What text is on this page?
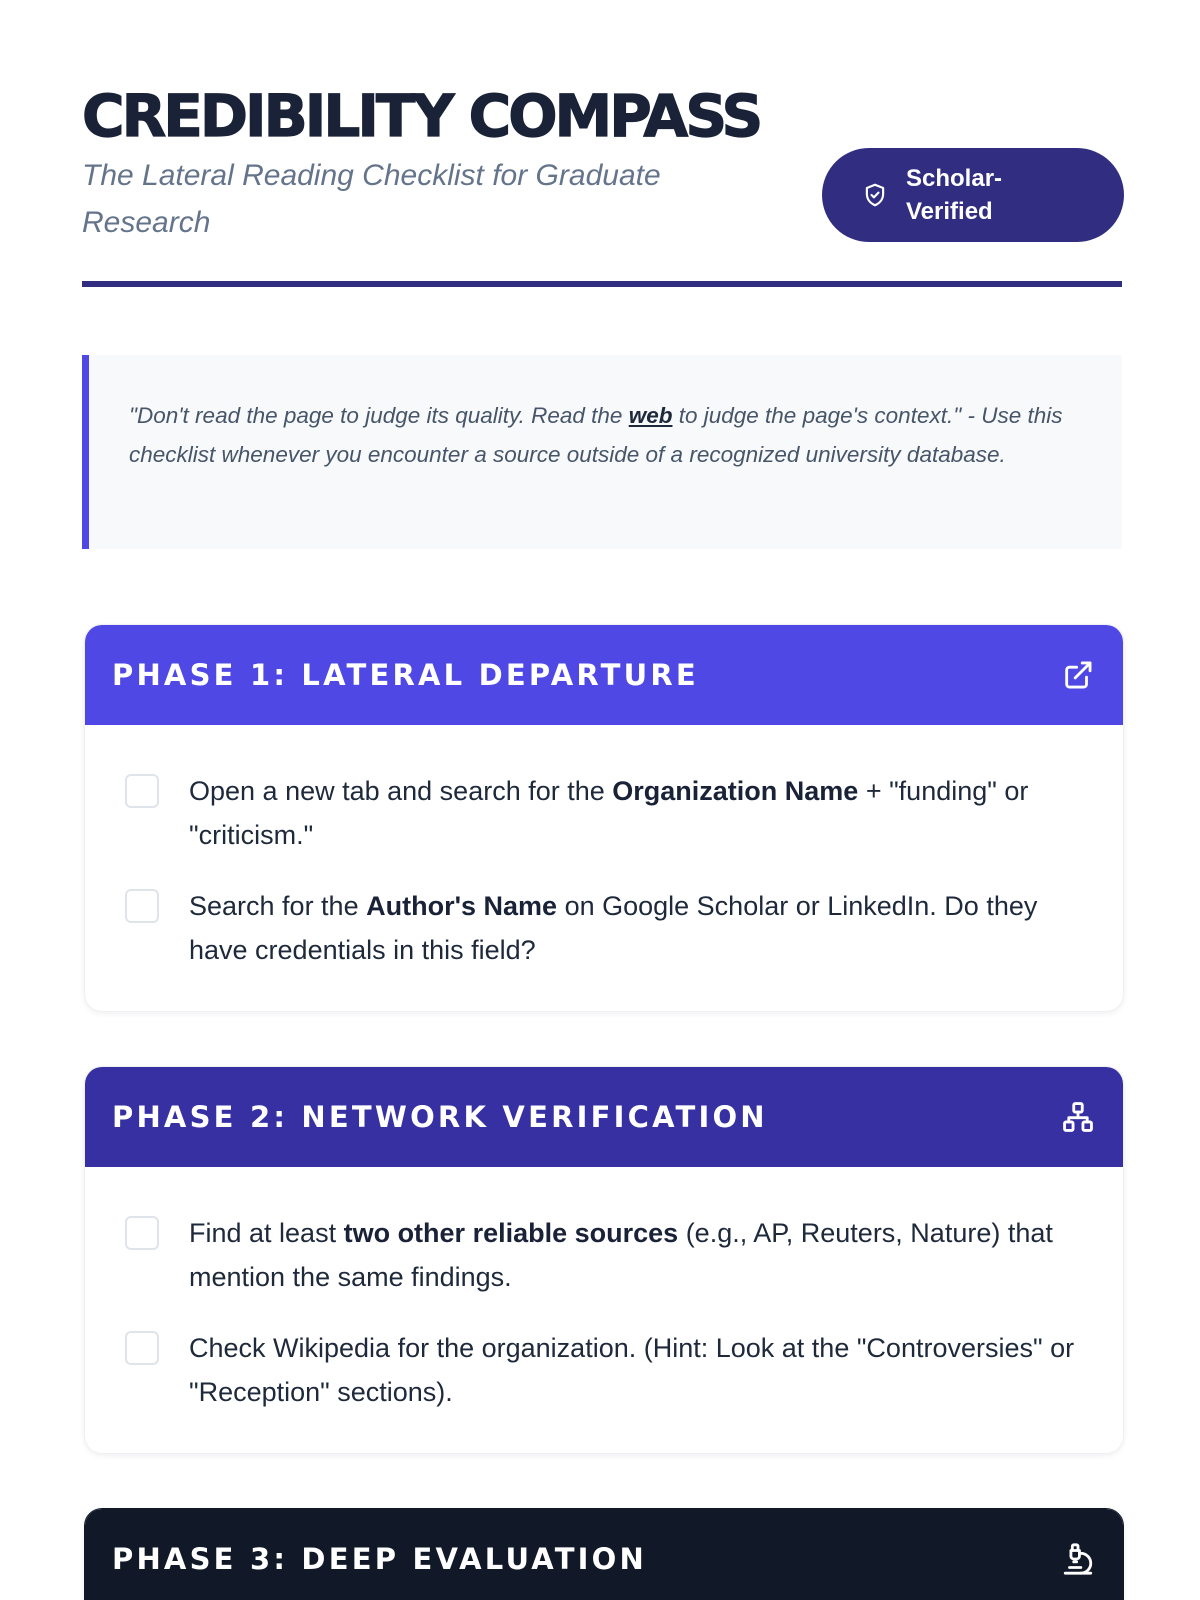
CREDIBILITY COMPASS

The Lateral Reading Checklist for Graduate Research

Scholar-Verified

"Don't read the page to judge its quality. Read the web to judge the page's context." - Use this checklist whenever you encounter a source outside of a recognized university database.

PHASE 1: LATERAL DEPARTURE
Open a new tab and search for the Organization Name + "funding" or "criticism."
Search for the Author's Name on Google Scholar or LinkedIn. Do they have credentials in this field?
PHASE 2: NETWORK VERIFICATION
Find at least two other reliable sources (e.g., AP, Reuters, Nature) that mention the same findings.
Check Wikipedia for the organization. (Hint: Look at the "Controversies" or "Reception" sections).
PHASE 3: DEEP EVALUATION
